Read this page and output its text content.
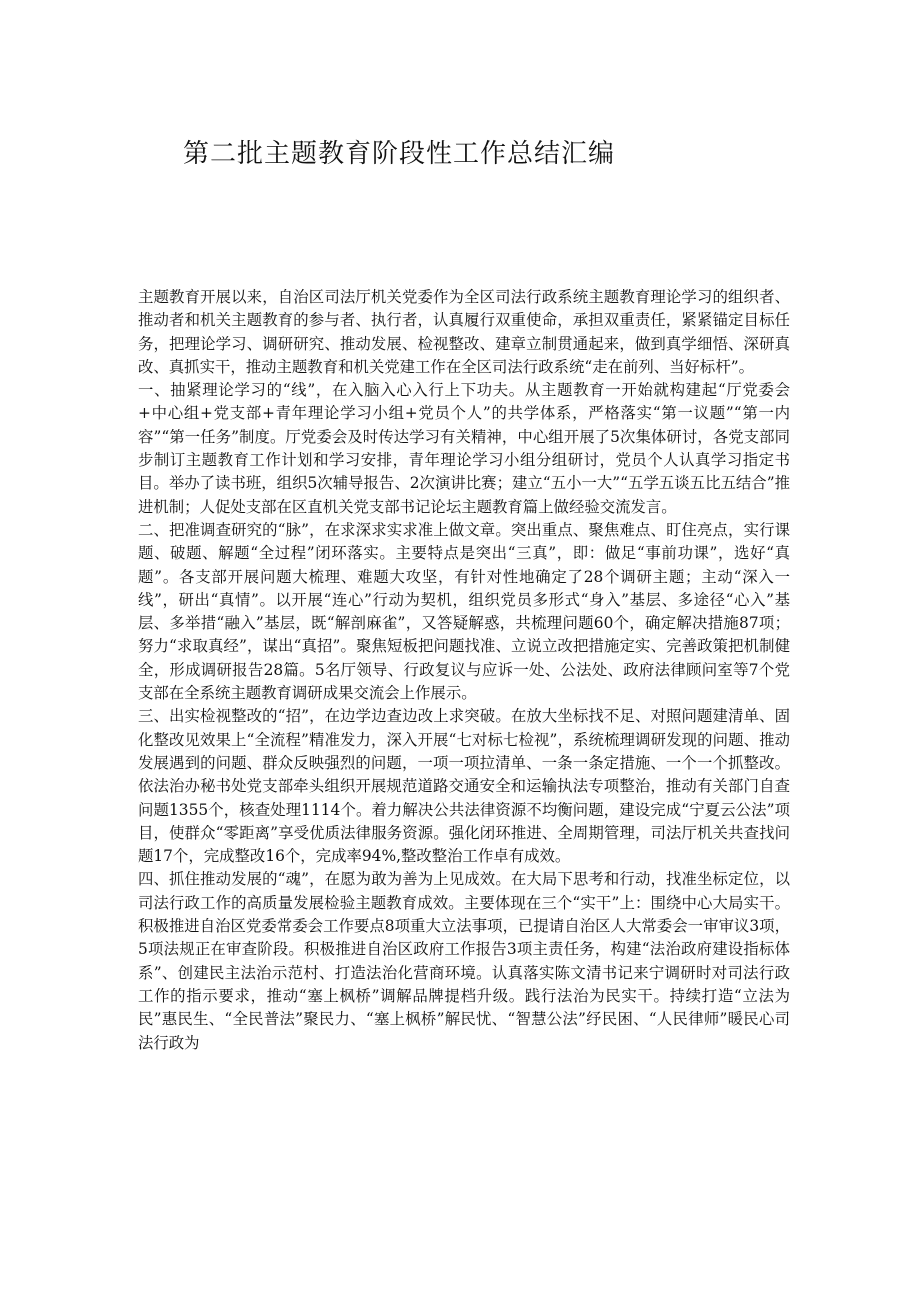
第二批主题教育阶段性工作总结汇编

主题教育开展以来，自治区司法厅机关党委作为全区司法行政系统主题教育理论学习的组织者、推动者和机关主题教育的参与者、执行者，认真履行双重使命，承担双重责任，紧紧锚定目标任务，把理论学习、调研研究、推动发展、检视整改、建章立制贯通起来，做到真学细悟、深研真改、真抓实干，推动主题教育和机关党建工作在全区司法行政系统“走在前列、当好标杆”。

一、抽紧理论学习的“线”，在入脑入心入行上下功夫。从主题教育一开始就构建起“厅党委会+中心组+党支部+青年理论学习小组+党员个人”的共学体系，严格落实“第一议题”“第一内容”“第一任务”制度。厅党委会及时传达学习有关精神，中心组开展了5次集体研讨，各党支部同步制订主题教育工作计划和学习安排，青年理论学习小组分组研讨，党员个人认真学习指定书目。举办了读书班，组织5次辅导报告、2次演讲比赛；建立“五小一大”“五学五谈五比五结合”推进机制；人促处支部在区直机关党支部书记论坛主题教育篇上做经验交流发言。

二、把准调查研究的“脉”，在求深求实求准上做文章。突出重点、聚焦难点、盯住亮点，实行课题、破题、解题“全过程”闭环落实。主要特点是突出“三真”，即：做足“事前功课”，选好“真题”。各支部开展问题大梳理、难题大攻坚，有针对性地确定了28个调研主题；主动“深入一线”，研出“真情”。以开展“连心”行动为契机，组织党员多形式“身入”基层、多途径“心入”基层、多举措“融入”基层，既“解剖麻雀”，又答疑解惑，共梳理问题60个，确定解决措施87项；努力“求取真经”，谋出“真招”。聚焦短板把问题找准、立说立改把措施定实、完善政策把机制健全，形成调研报告28篇。5名厅领导、行政复议与应诉一处、公法处、政府法律顾问室等7个党支部在全系统主题教育调研成果交流会上作展示。

三、出实检视整改的“招”，在边学边查边改上求突破。在放大坐标找不足、对照问题建清单、固化整改见效果上“全流程”精准发力，深入开展“七对标七检视”，系统梳理调研发现的问题、推动发展遇到的问题、群众反映强烈的问题，一项一项拉清单、一条一条定措施、一个一个抓整改。依法治办秘书处党支部牵头组织开展规范道路交通安全和运输执法专项整治，推动有关部门自查问题1355个，核查处理1114个。着力解决公共法律资源不均衡问题，建设完成“宁夏云公法”项目，使群众“零距离”享受优质法律服务资源。强化闭环推进、全周期管理，司法厅机关共查找问题17个，完成整改16个，完成率94%,整改整治工作卓有成效。

四、抓住推动发展的“魂”，在愿为敢为善为上见成效。在大局下思考和行动，找准坐标定位，以司法行政工作的高质量发展检验主题教育成效。主要体现在三个“实干”上：围绕中心大局实干。积极推进自治区党委常委会工作要点8项重大立法事项，已提请自治区人大常委会一审审议3项，5项法规正在审查阶段。积极推进自治区政府工作报告3项主责任务，构建“法治政府建设指标体系”、创建民主法治示范村、打造法治化营商环境。认真落实陈文清书记来宁调研时对司法行政工作的指示要求，推动“塞上枫桥”调解品牌提档升级。践行法治为民实干。持续打造“立法为民”惠民生、“全民普法”聚民力、“塞上枫桥”解民忧、“智慧公法”纾民困、“人民律师”暖民心司法行政为
